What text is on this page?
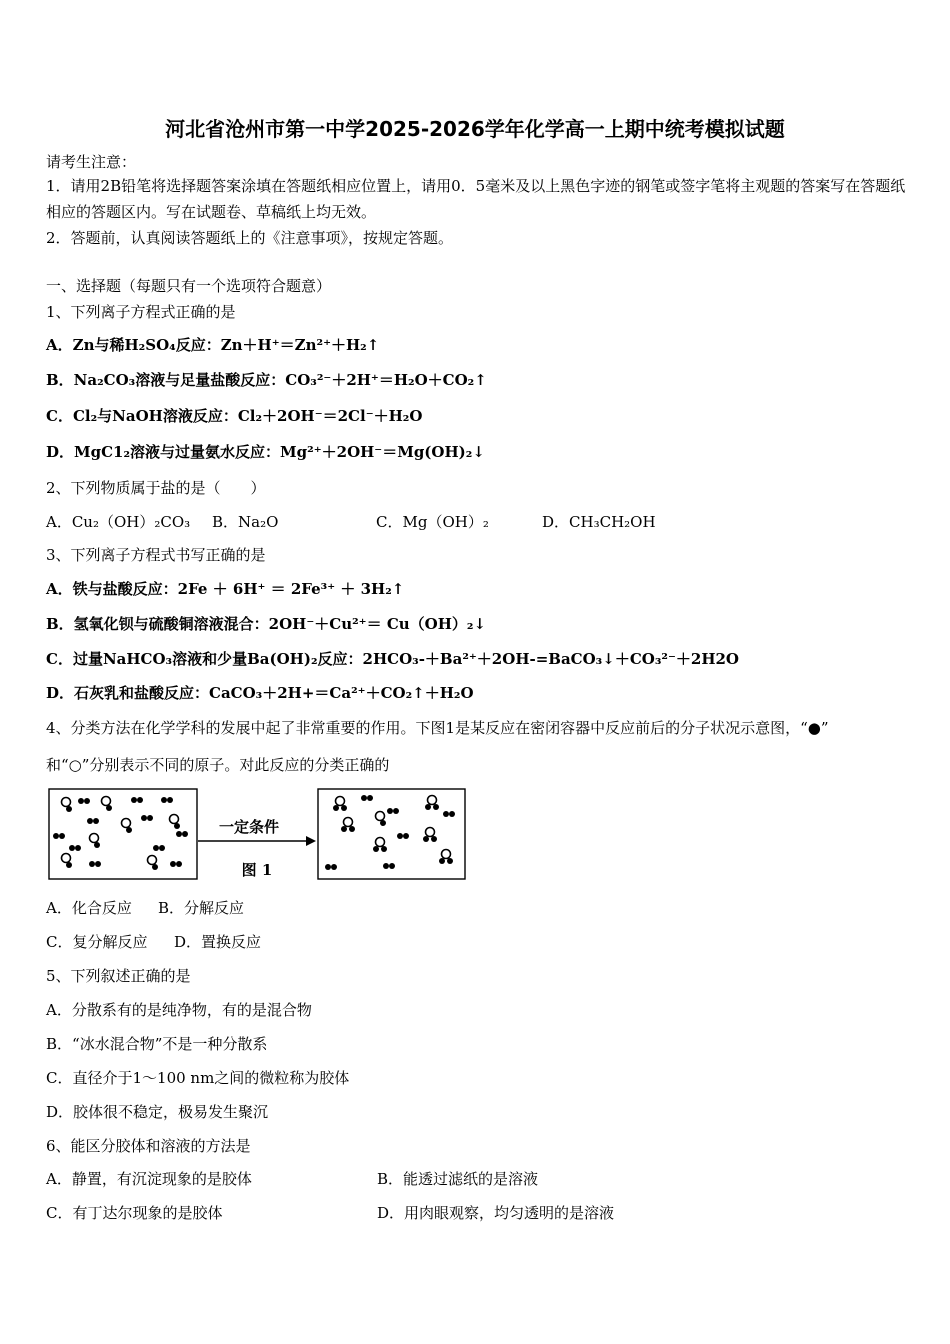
河北省沧州市第一中学2025-2026学年化学高一上期中统考模拟试题
请考生注意：
1．请用2B铅笔将选择题答案涂填在答题纸相应位置上，请用0．5毫米及以上黑色字迹的钢笔或签字笔将主观题的答案写在答题纸相应的答题区内。写在试题卷、草稿纸上均无效。
2．答题前，认真阅读答题纸上的《注意事项》，按规定答题。
一、选择题（每题只有一个选项符合题意）
1、下列离子方程式正确的是
A．Zn与稀H₂SO₄反应：Zn＋H⁺＝Zn²⁺＋H₂↑
B．Na₂CO₃溶液与足量盐酸反应：CO₃²⁻＋2H⁺＝H₂O＋CO₂↑
C．Cl₂与NaOH溶液反应：Cl₂＋2OH⁻＝2Cl⁻＋H₂O
D．MgC1₂溶液与过量氨水反应：Mg²⁺＋2OH⁻＝Mg(OH)₂↓
2、下列物质属于盐的是（　　）
A．Cu₂（OH）₂CO₃ B．Na₂O	C．Mg（OH）₂	D．CH₃CH₂OH
3、下列离子方程式书写正确的是
A．铁与盐酸反应：2Fe ＋ 6H⁺ ＝ 2Fe³⁺ ＋ 3H₂↑
B．氢氧化钡与硫酸铜溶液混合：2OH⁻＋Cu²⁺＝ Cu（OH）₂↓
C．过量NaHCO₃溶液和少量Ba(OH)₂反应：2HCO₃-＋Ba²⁺＋2OH-=BaCO₃↓＋CO₃²⁻＋2H2O
D．石灰乳和盐酸反应：CaCO₃＋2H+＝Ca²⁺＋CO₂↑＋H₂O
4、分类方法在化学学科的发展中起了非常重要的作用。下图1是某反应在密闭容器中反应前后的分子状况示意图，“●”
和“○”分别表示不同的原子。对此反应的分类正确的
一定条件
图 1
A．化合反应 B．分解反应
C．复分解反应 D．置换反应
5、下列叙述正确的是
A．分散系有的是纯净物，有的是混合物
B．“冰水混合物”不是一种分散系
C．直径介于1～100 nm之间的微粒称为胶体
D．胶体很不稳定，极易发生聚沉
6、能区分胶体和溶液的方法是
A．静置，有沉淀现象的是胶体	B．能透过滤纸的是溶液
C．有丁达尔现象的是胶体	D．用肉眼观察，均匀透明的是溶液
